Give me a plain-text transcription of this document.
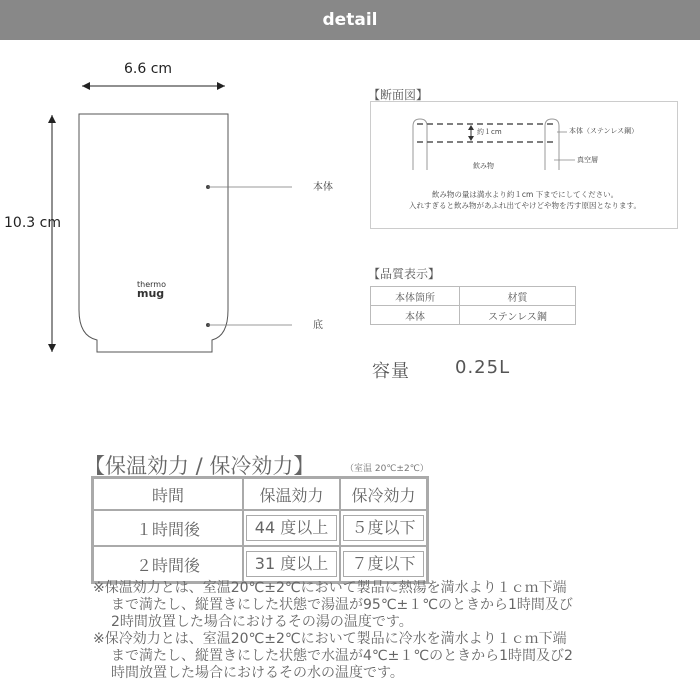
detail
6.6 cm
10.3 cm
本体
底
thermo
mug
【断面図】
約１cm	本体（ステンレス鋼）
真空層
飲み物
飲み物の量は満水より約１cm 下までにしてください。
入れすぎると飲み物があふれ出てやけどや物を汚す原因となります。
【品質表示】
本体箇所	材質
本体	ステンレス鋼
容量	0.25L
【保温効力 / 保冷効力】	（室温 20℃±2℃）
時間	保温効力	保冷効力
１時間後	44 度以上	５度以下

２時間後	31 度以上	７度以下

※保温効力とは、室温20℃±2℃において製品に熱湯を満水より１ｃｍ下端

まで満たし、縦置きにした状態で湯温が95℃±１℃のときから1時間及び

2時間放置した場合におけるその湯の温度です。

※保冷効力とは、室温20℃±2℃において製品に冷水を満水より１ｃｍ下端

まで満たし、縦置きにした状態で水温が4℃±１℃のときから1時間及び2

時間放置した場合におけるその水の温度です。
